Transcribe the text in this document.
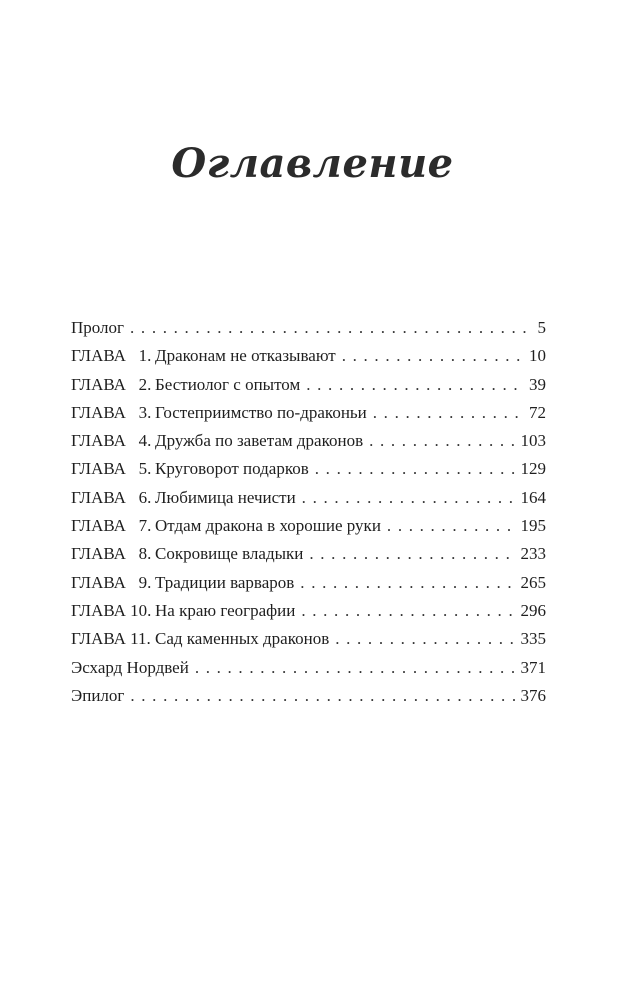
Оглавление
Пролог . . .	5
ГЛАВА   1. Драконам не отказывают . . .	10
ГЛАВА   2. Бестиолог с опытом . . .	39
ГЛАВА   3. Гостеприимство по-драконьи . . .	72
ГЛАВА   4. Дружба по заветам драконов . . .	103
ГЛАВА   5. Круговорот подарков . . .	129
ГЛАВА   6. Любимица нечисти . . .	164
ГЛАВА   7. Отдам дракона в хорошие руки . . .	195
ГЛАВА   8. Сокровище владыки . . .	233
ГЛАВА   9. Традиции варваров . . .	265
ГЛАВА 10. На краю географии . . .	296
ГЛАВА 11. Сад каменных драконов . . .	335
Эсхард Нордвей . . .	371
Эпилог . . .	376
